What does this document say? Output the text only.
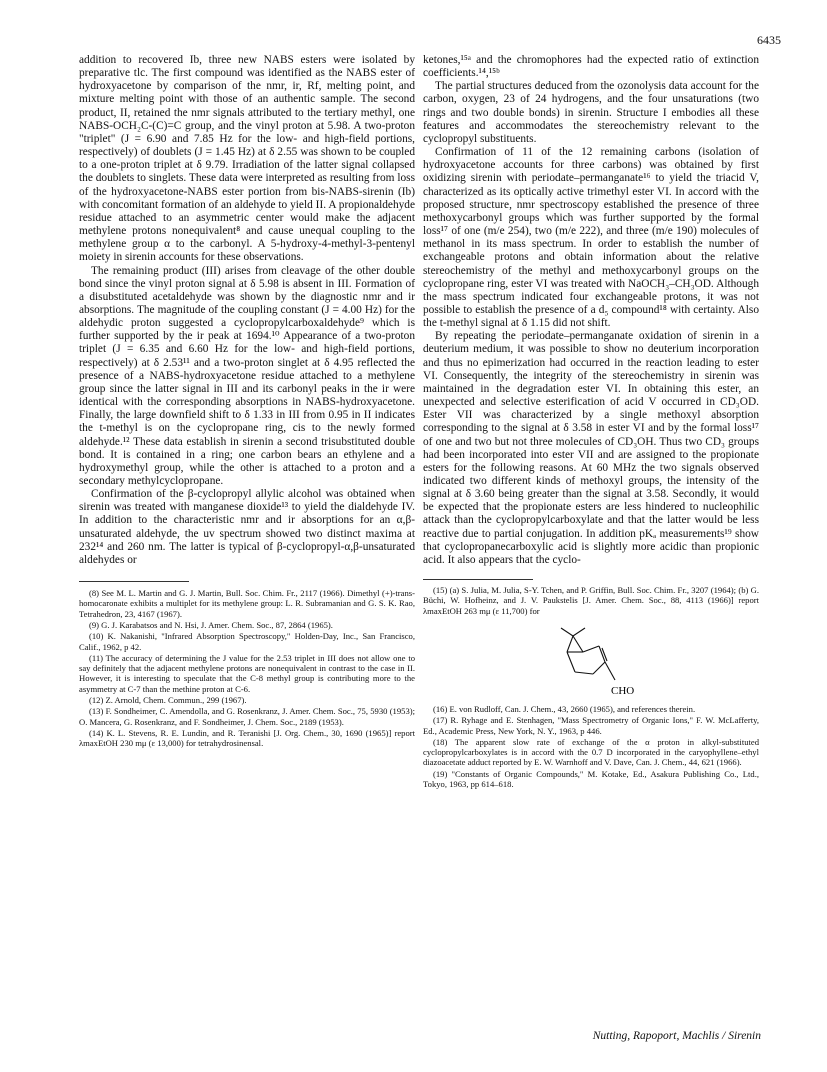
6435

addition to recovered Ib, three new NABS esters were isolated by preparative tlc. The first compound was identified as the NABS ester of hydroxyacetone by comparison of the nmr, ir, Rf, melting point, and mixture melting point with those of an authentic sample. The second product, II, retained the nmr signals attributed to the tertiary methyl, one NABS-OCH₂C-(C)=C group, and the vinyl proton at 5.98. A two-proton "triplet" (J = 6.90 and 7.85 Hz for the low- and high-field portions, respectively) of doublets (J = 1.45 Hz) at δ 2.55 was shown to be coupled to a one-proton triplet at δ 9.79. Irradiation of the latter signal collapsed the doublets to singlets. These data were interpreted as resulting from loss of the hydroxyacetone-NABS ester portion from bis-NABS-sirenin (Ib) with concomitant formation of an aldehyde to yield II. A propionaldehyde residue attached to an asymmetric center would make the adjacent methylene protons nonequivalent⁸ and cause unequal coupling to the methylene group α to the carbonyl. A 5-hydroxy-4-methyl-3-pentenyl moiety in sirenin accounts for these observations.

The remaining product (III) arises from cleavage of the other double bond since the vinyl proton signal at δ 5.98 is absent in III. Formation of a disubstituted acetaldehyde was shown by the diagnostic nmr and ir absorptions. The magnitude of the coupling constant (J = 4.00 Hz) for the aldehydic proton suggested a cyclopropylcarboxaldehyde⁹ which is further supported by the ir peak at 1694.¹⁰ Appearance of a two-proton triplet (J = 6.35 and 6.60 Hz for the low- and high-field portions, respectively) at δ 2.53¹¹ and a two-proton singlet at δ 4.95 reflected the presence of a NABS-hydroxyacetone residue attached to a methylene group since the latter signal in III and its carbonyl peaks in the ir were identical with the corresponding absorptions in NABS-hydroxyacetone. Finally, the large downfield shift to δ 1.33 in III from 0.95 in II indicates the t-methyl is on the cyclopropane ring, cis to the newly formed aldehyde.¹² These data establish in sirenin a second trisubstituted double bond. It is contained in a ring; one carbon bears an ethylene and a hydroxymethyl group, while the other is attached to a proton and a secondary methylcyclopropane.

Confirmation of the β-cyclopropyl allylic alcohol was obtained when sirenin was treated with manganese dioxide¹³ to yield the dialdehyde IV. In addition to the characteristic nmr and ir absorptions for an α,β-unsaturated aldehyde, the uv spectrum showed two distinct maxima at 232¹⁴ and 260 nm. The latter is typical of β-cyclopropyl-α,β-unsaturated aldehydes or

(8) See M. L. Martin and G. J. Martin, Bull. Soc. Chim. Fr., 2117 (1966). Dimethyl (+)-trans-homocaronate exhibits a multiplet for its methylene group: L. R. Subramanian and G. S. K. Rao, Tetrahedron, 23, 4167 (1967).

(9) G. J. Karabatsos and N. Hsi, J. Amer. Chem. Soc., 87, 2864 (1965).

(10) K. Nakanishi, "Infrared Absorption Spectroscopy," Holden-Day, Inc., San Francisco, Calif., 1962, p 42.

(11) The accuracy of determining the J value for the 2.53 triplet in III does not allow one to say definitely that the adjacent methylene protons are nonequivalent in contrast to the case in II. However, it is interesting to speculate that the C-8 methyl group is contributing more to the asymmetry at C-7 than the methine proton at C-6.

(12) Z. Arnold, Chem. Commun., 299 (1967).

(13) F. Sondheimer, C. Amendolla, and G. Rosenkranz, J. Amer. Chem. Soc., 75, 5930 (1953); O. Mancera, G. Rosenkranz, and F. Sondheimer, J. Chem. Soc., 2189 (1953).

(14) K. L. Stevens, R. E. Lundin, and R. Teranishi [J. Org. Chem., 30, 1690 (1965)] report λmaxEtOH 230 mμ (ε 13,000) for tetrahydrosinensal.

ketones,¹⁵ᵃ and the chromophores had the expected ratio of extinction coefficients.¹⁴,¹⁵ᵇ

The partial structures deduced from the ozonolysis data account for the carbon, oxygen, 23 of 24 hydrogens, and the four unsaturations (two rings and two double bonds) in sirenin. Structure I embodies all these features and accommodates the stereochemistry relevant to the cyclopropyl substituents.

Confirmation of 11 of the 12 remaining carbons (isolation of hydroxyacetone accounts for three carbons) was obtained by first oxidizing sirenin with periodate–permanganate¹⁶ to yield the triacid V, characterized as its optically active trimethyl ester VI. In accord with the proposed structure, nmr spectroscopy established the presence of three methoxycarbonyl groups which was further supported by the formal loss¹⁷ of one (m/e 254), two (m/e 222), and three (m/e 190) molecules of methanol in its mass spectrum. In order to establish the number of exchangeable protons and obtain information about the relative stereochemistry of the methyl and methoxycarbonyl groups on the cyclopropane ring, ester VI was treated with NaOCH₃–CH₃OD. Although the mass spectrum indicated four exchangeable protons, it was not possible to establish the presence of a d₅ compound¹⁸ with certainty. Also the t-methyl signal at δ 1.15 did not shift.

By repeating the periodate–permanganate oxidation of sirenin in a deuterium medium, it was possible to show no deuterium incorporation and thus no epimerization had occurred in the reaction leading to ester VI. Consequently, the integrity of the stereochemistry in sirenin was maintained in the degradation ester VI. In obtaining this ester, an unexpected and selective esterification of acid V occurred in CD₃OD. Ester VII was characterized by a single methoxyl absorption corresponding to the signal at δ 3.58 in ester VI and by the formal loss¹⁷ of one and two but not three molecules of CD₃OH. Thus two CD₃ groups had been incorporated into ester VII and are assigned to the propionate esters for the following reasons. At 60 MHz the two signals observed indicated two different kinds of methoxyl groups, the intensity of the signal at δ 3.60 being greater than the signal at 3.58. Secondly, it would be expected that the propionate esters are less hindered to nucleophilic attack than the cyclopropylcarboxylate and that the latter would be less reactive due to partial conjugation. In addition pKₐ measurements¹⁹ show that cyclopropanecarboxylic acid is slightly more acidic than propionic acid. It also appears that the cyclo-

(15) (a) S. Julia, M. Julia, S-Y. Tchen, and P. Griffin, Bull. Soc. Chim. Fr., 3207 (1964); (b) G. Büchi, W. Hofheinz, and J. V. Paukstelis [J. Amer. Chem. Soc., 88, 4113 (1966)] report λmaxEtOH 263 mμ (ε 11,700) for

CHO

(16) E. von Rudloff, Can. J. Chem., 43, 2660 (1965), and references therein.

(17) R. Ryhage and E. Stenhagen, "Mass Spectrometry of Organic Ions," F. W. McLafferty, Ed., Academic Press, New York, N. Y., 1963, p 446.

(18) The apparent slow rate of exchange of the α proton in alkyl-substituted cyclopropylcarboxylates is in accord with the 0.7 D incorporated in the caryophyllene–ethyl diazoacetate adduct reported by E. W. Warnhoff and V. Dave, Can. J. Chem., 44, 621 (1966).

(19) "Constants of Organic Compounds," M. Kotake, Ed., Asakura Publishing Co., Ltd., Tokyo, 1963, pp 614–618.

Nutting, Rapoport, Machlis / Sirenin
